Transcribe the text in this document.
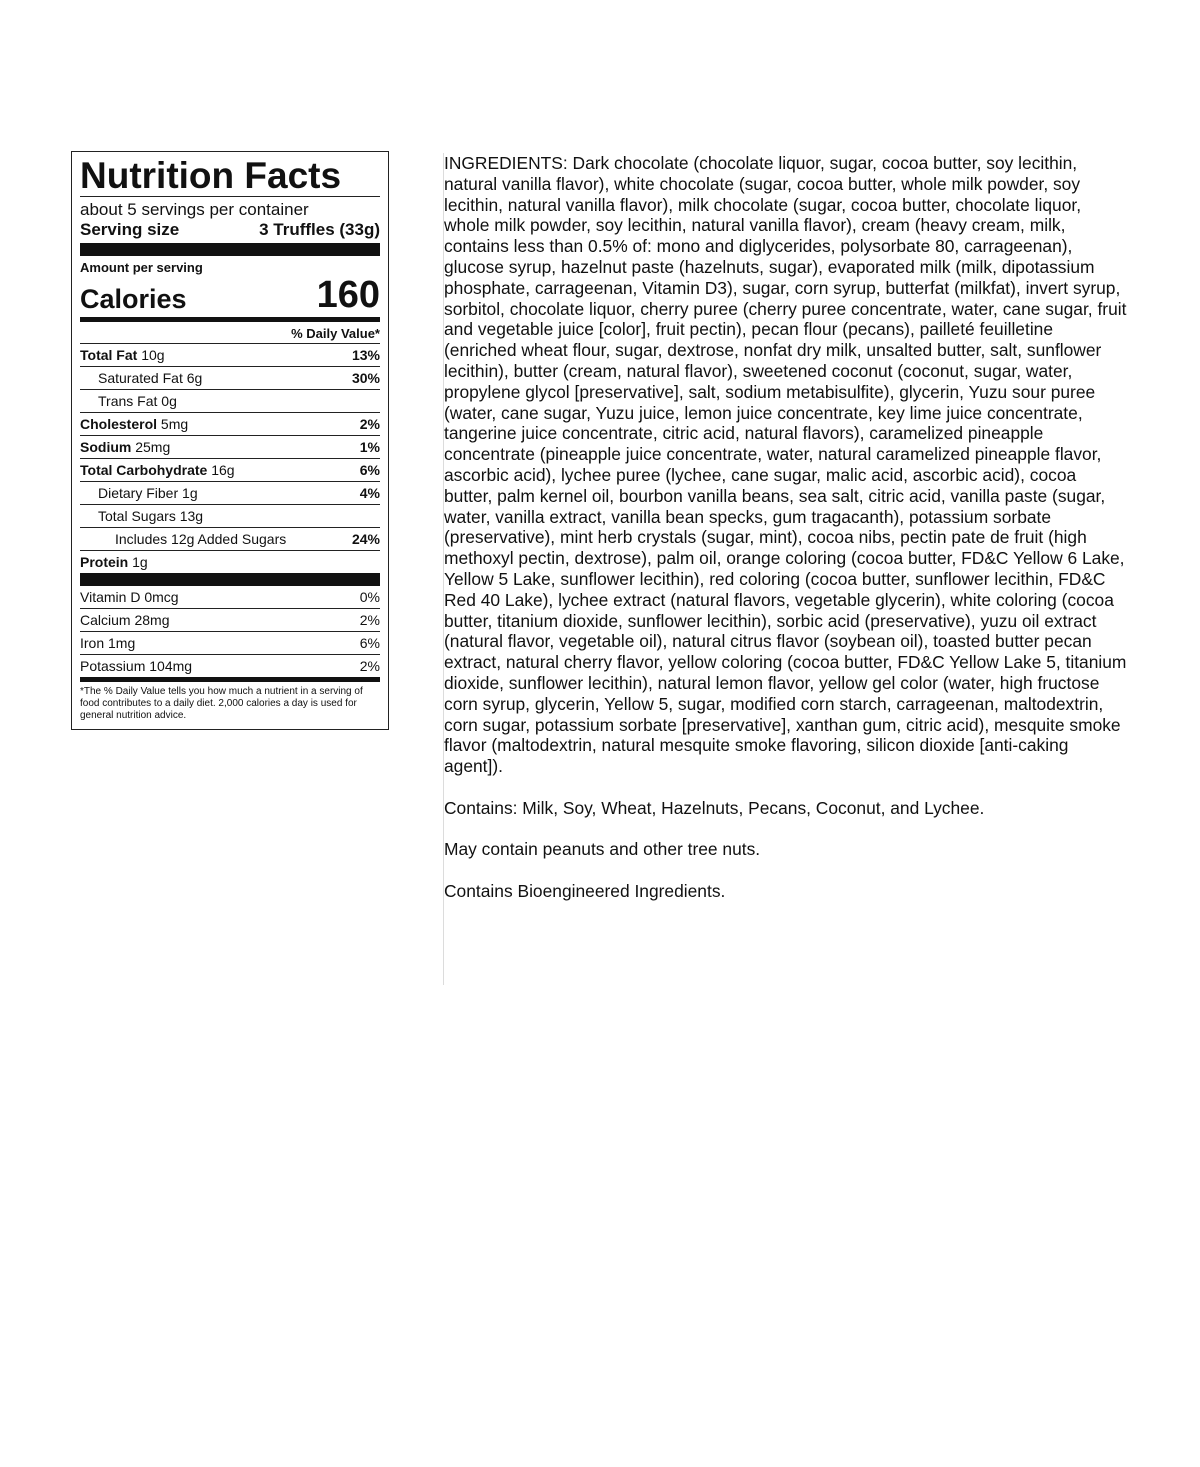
Nutrition Facts
about 5 servings per container
Serving size	3 Truffles (33g)
Amount per serving
Calories	160
% Daily Value*
Total Fat 10g	13%
Saturated Fat 6g	30%
Trans Fat 0g
Cholesterol 5mg	2%
Sodium 25mg	1%
Total Carbohydrate 16g	6%
Dietary Fiber 1g	4%
Total Sugars 13g
Includes 12g Added Sugars	24%
Protein 1g
Vitamin D 0mcg	0%
Calcium 28mg	2%
Iron 1mg	6%
Potassium 104mg	2%
*The % Daily Value tells you how much a nutrient in a serving of food contributes to a daily diet. 2,000 calories a day is used for general nutrition advice.

INGREDIENTS: Dark chocolate (chocolate liquor, sugar, cocoa butter, soy lecithin, natural vanilla flavor), white chocolate (sugar, cocoa butter, whole milk powder, soy lecithin, natural vanilla flavor), milk chocolate (sugar, cocoa butter, chocolate liquor, whole milk powder, soy lecithin, natural vanilla flavor), cream (heavy cream, milk, contains less than 0.5% of: mono and diglycerides, polysorbate 80, carrageenan), glucose syrup, hazelnut paste (hazelnuts, sugar), evaporated milk (milk, dipotassium phosphate, carrageenan, Vitamin D3), sugar, corn syrup, butterfat (milkfat), invert syrup, sorbitol, chocolate liquor, cherry puree (cherry puree concentrate, water, cane sugar, fruit and vegetable juice [color], fruit pectin), pecan flour (pecans), pailleté feuilletine (enriched wheat flour, sugar, dextrose, nonfat dry milk, unsalted butter, salt, sunflower lecithin), butter (cream, natural flavor), sweetened coconut (coconut, sugar, water, propylene glycol [preservative], salt, sodium metabisulfite), glycerin, Yuzu sour puree (water, cane sugar, Yuzu juice, lemon juice concentrate, key lime juice concentrate, tangerine juice concentrate, citric acid, natural flavors), caramelized pineapple concentrate (pineapple juice concentrate, water, natural caramelized pineapple flavor, ascorbic acid), lychee puree (lychee, cane sugar, malic acid, ascorbic acid), cocoa butter, palm kernel oil, bourbon vanilla beans, sea salt, citric acid, vanilla paste (sugar, water, vanilla extract, vanilla bean specks, gum tragacanth), potassium sorbate (preservative), mint herb crystals (sugar, mint), cocoa nibs, pectin pate de fruit (high methoxyl pectin, dextrose), palm oil, orange coloring (cocoa butter, FD&C Yellow 6 Lake, Yellow 5 Lake, sunflower lecithin), red coloring (cocoa butter, sunflower lecithin, FD&C Red 40 Lake), lychee extract (natural flavors, vegetable glycerin), white coloring (cocoa butter, titanium dioxide, sunflower lecithin), sorbic acid (preservative), yuzu oil extract (natural flavor, vegetable oil), natural citrus flavor (soybean oil), toasted butter pecan extract, natural cherry flavor, yellow coloring (cocoa butter, FD&C Yellow Lake 5, titanium dioxide, sunflower lecithin), natural lemon flavor, yellow gel color (water, high fructose corn syrup, glycerin, Yellow 5, sugar, modified corn starch, carrageenan, maltodextrin, corn sugar, potassium sorbate [preservative], xanthan gum, citric acid), mesquite smoke flavor (maltodextrin, natural mesquite smoke flavoring, silicon dioxide [anti-caking agent]).

Contains: Milk, Soy, Wheat, Hazelnuts, Pecans, Coconut, and Lychee.

May contain peanuts and other tree nuts.

Contains Bioengineered Ingredients.
